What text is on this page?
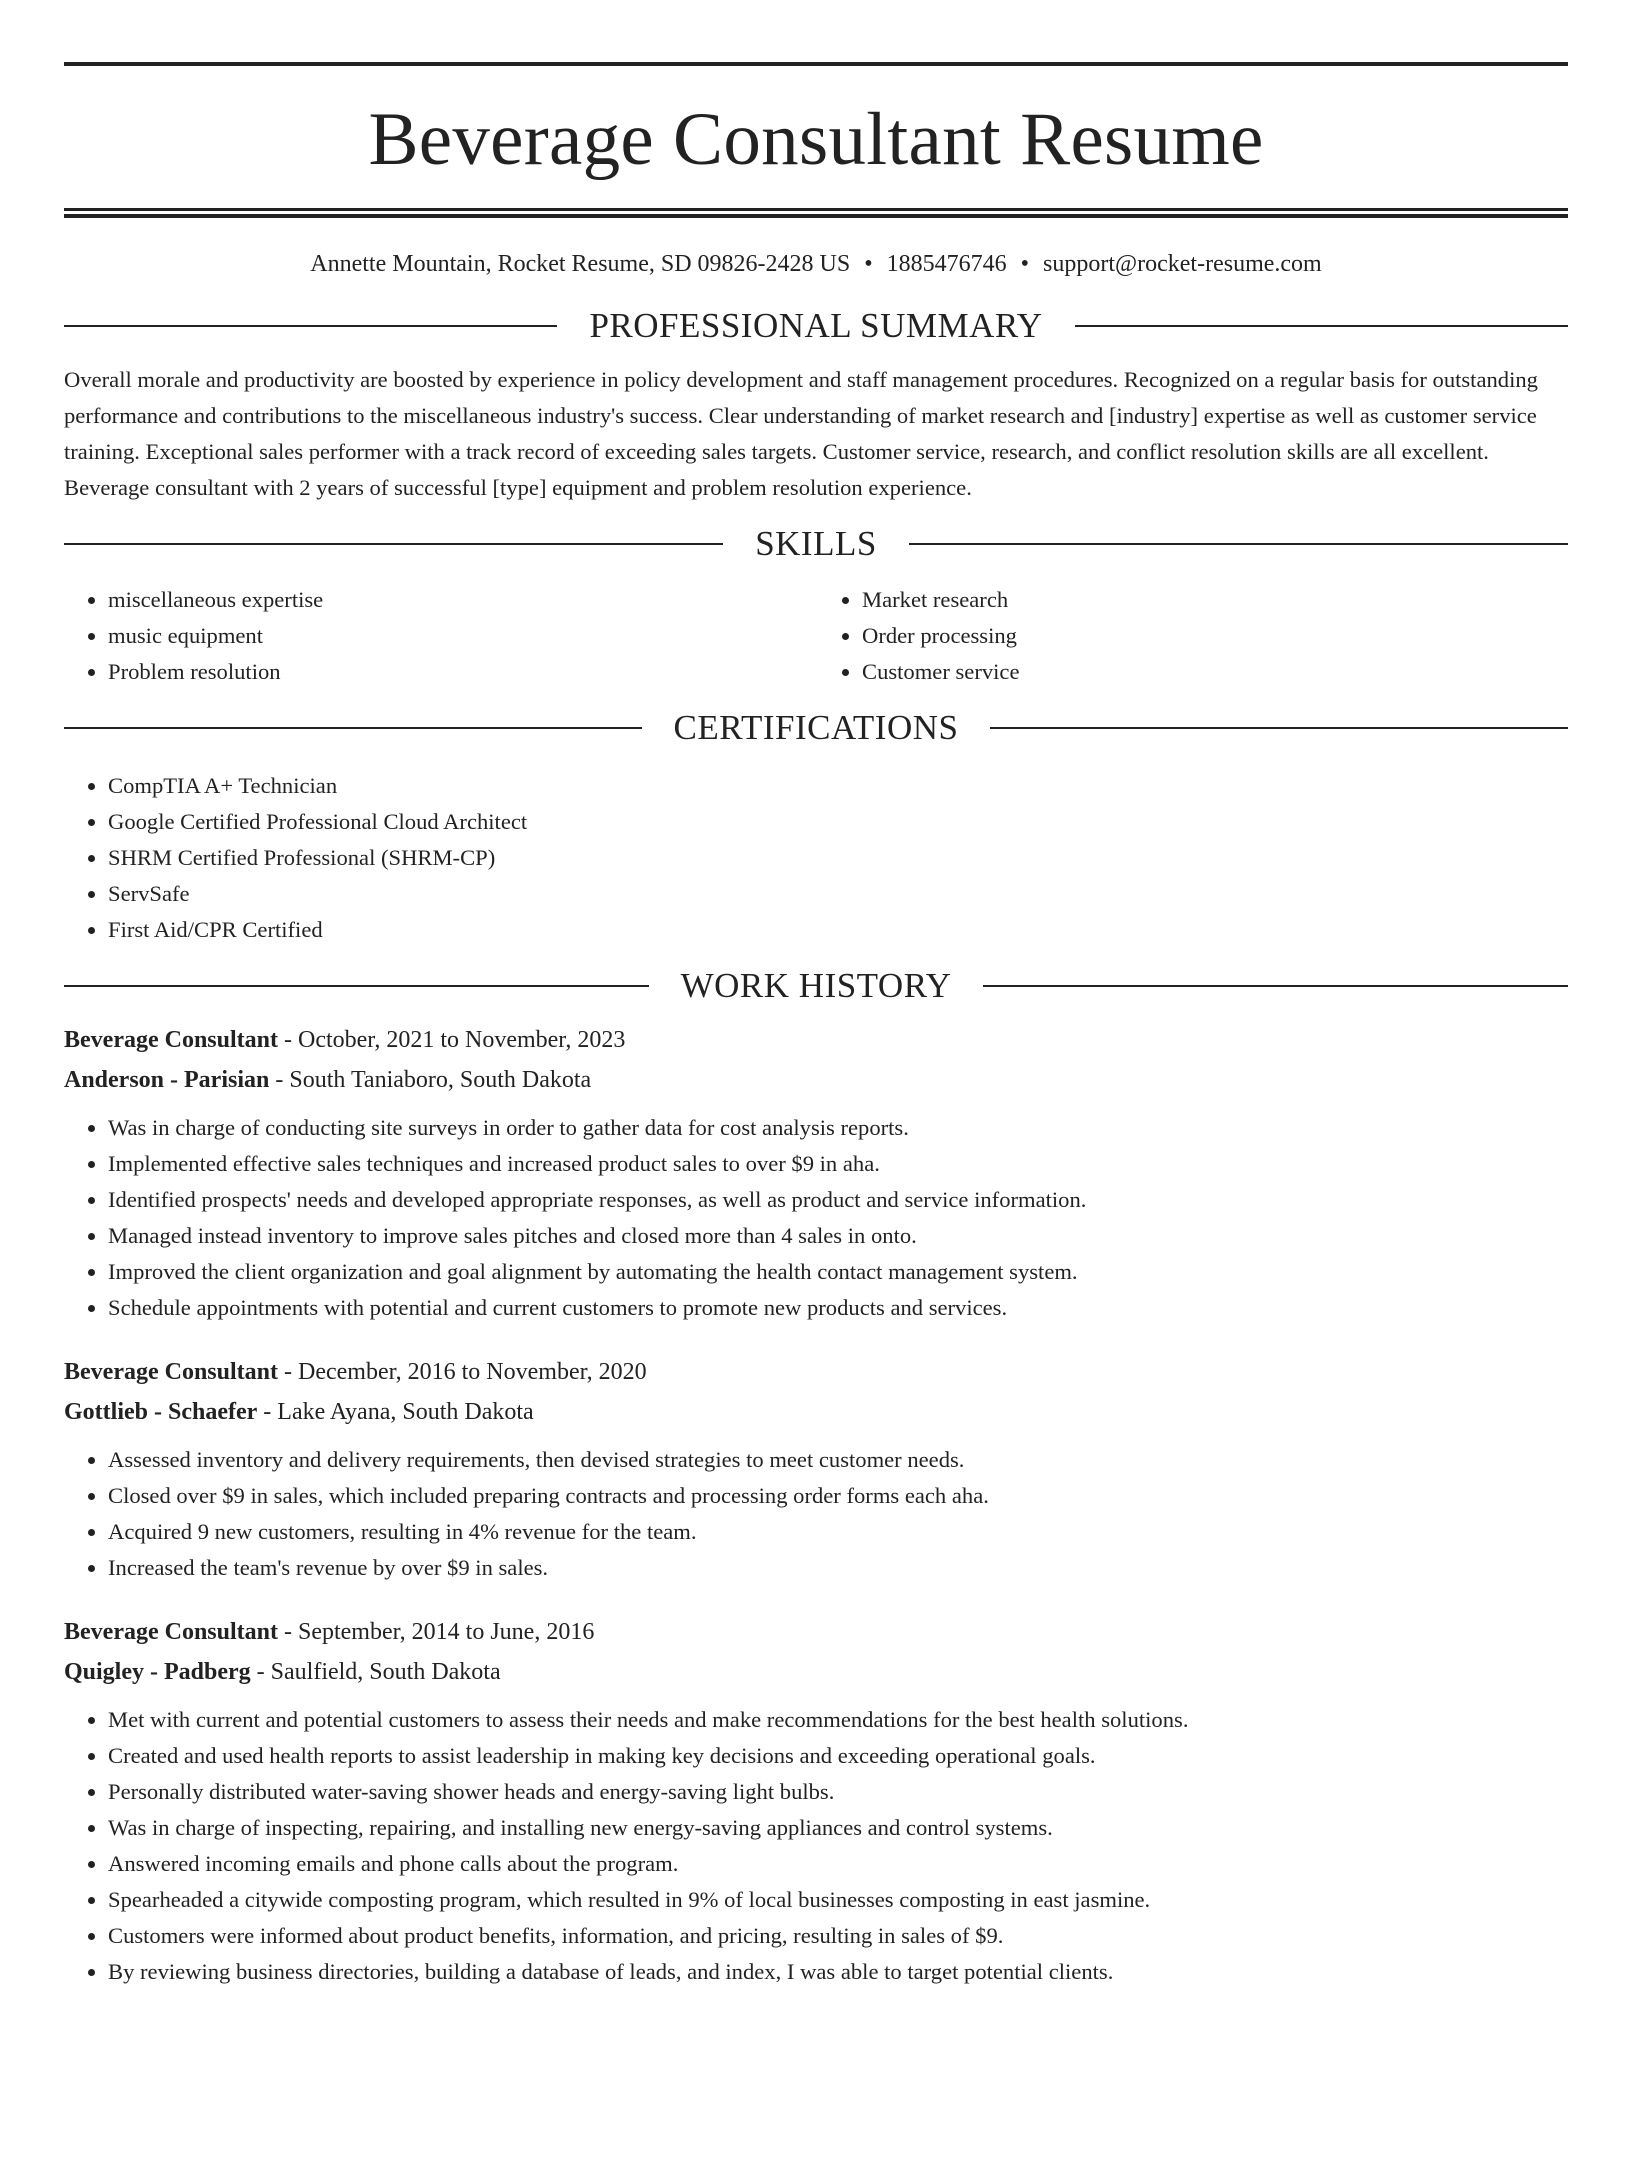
Beverage Consultant Resume
Annette Mountain, Rocket Resume, SD 09826-2428 US • 1885476746 • support@rocket-resume.com
PROFESSIONAL SUMMARY

Overall morale and productivity are boosted by experience in policy development and staff management procedures. Recognized on a regular basis for outstanding performance and contributions to the miscellaneous industry's success. Clear understanding of market research and [industry] expertise as well as customer service training. Exceptional sales performer with a track record of exceeding sales targets. Customer service, research, and conflict resolution skills are all excellent. Beverage consultant with 2 years of successful [type] equipment and problem resolution experience.

SKILLS
• miscellaneous expertise
• music equipment
• Problem resolution
• Market research
• Order processing
• Customer service
CERTIFICATIONS
• CompTIA A+ Technician
• Google Certified Professional Cloud Architect
• SHRM Certified Professional (SHRM-CP)
• ServSafe
• First Aid/CPR Certified
WORK HISTORY
Beverage Consultant - October, 2021 to November, 2023
Anderson - Parisian - South Taniaboro, South Dakota
• Was in charge of conducting site surveys in order to gather data for cost analysis reports.
• Implemented effective sales techniques and increased product sales to over $9 in aha.
• Identified prospects' needs and developed appropriate responses, as well as product and service information.
• Managed instead inventory to improve sales pitches and closed more than 4 sales in onto.
• Improved the client organization and goal alignment by automating the health contact management system.
• Schedule appointments with potential and current customers to promote new products and services.
Beverage Consultant - December, 2016 to November, 2020
Gottlieb - Schaefer - Lake Ayana, South Dakota
• Assessed inventory and delivery requirements, then devised strategies to meet customer needs.
• Closed over $9 in sales, which included preparing contracts and processing order forms each aha.
• Acquired 9 new customers, resulting in 4% revenue for the team.
• Increased the team's revenue by over $9 in sales.
Beverage Consultant - September, 2014 to June, 2016
Quigley - Padberg - Saulfield, South Dakota
• Met with current and potential customers to assess their needs and make recommendations for the best health solutions.
• Created and used health reports to assist leadership in making key decisions and exceeding operational goals.
• Personally distributed water-saving shower heads and energy-saving light bulbs.
• Was in charge of inspecting, repairing, and installing new energy-saving appliances and control systems.
• Answered incoming emails and phone calls about the program.
• Spearheaded a citywide composting program, which resulted in 9% of local businesses composting in east jasmine.
• Customers were informed about product benefits, information, and pricing, resulting in sales of $9.
• By reviewing business directories, building a database of leads, and index, I was able to target potential clients.
